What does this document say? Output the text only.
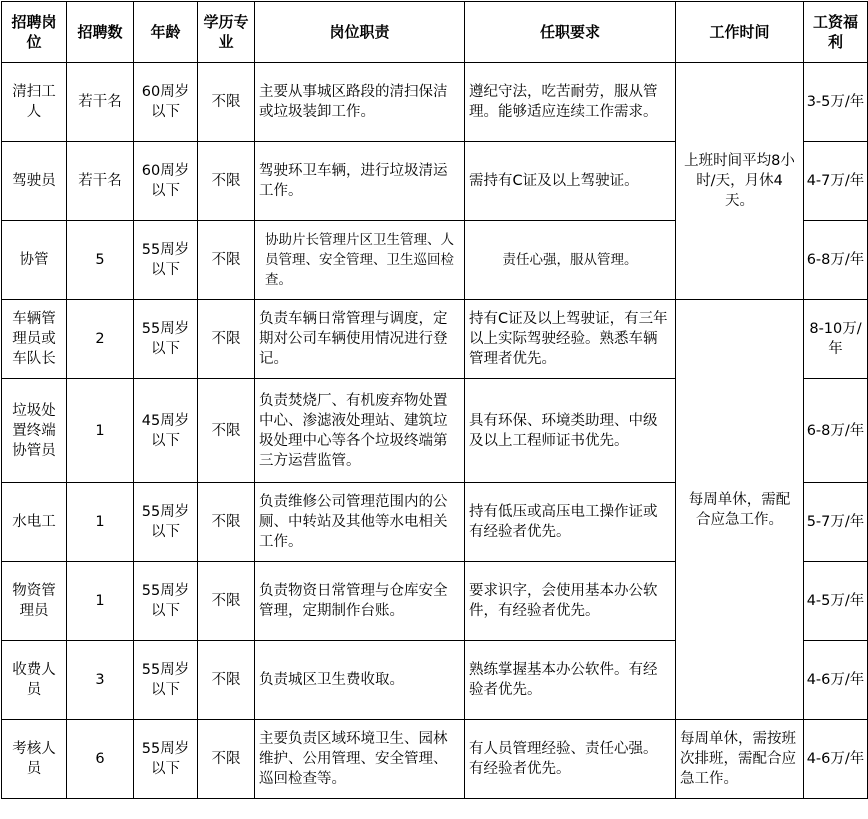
招聘岗位	招聘数	年龄	学历专业	岗位职责	任职要求	工作时间	工资福利
清扫工人	若干名	60周岁以下	不限	主要从事城区路段的清扫保洁或垃圾装卸工作。	遵纪守法，吃苦耐劳，服从管理。能够适应连续工作需求。	上班时间平均8小时/天，月休4天。	3-5万/年
驾驶员	若干名	60周岁以下	不限	驾驶环卫车辆，进行垃圾清运工作。	需持有C证及以上驾驶证。		4-7万/年
协管	5	55周岁以下	不限	协助片长管理片区卫生管理、人员管理、安全管理、卫生巡回检查。	责任心强，服从管理。		6-8万/年
车辆管理员或车队长	2	55周岁以下	不限	负责车辆日常管理与调度，定期对公司车辆使用情况进行登记。	持有C证及以上驾驶证，有三年以上实际驾驶经验。熟悉车辆管理者优先。	每周单休，需配合应急工作。	8-10万/年
垃圾处置终端协管员	1	45周岁以下	不限	负责焚烧厂、有机废弃物处置中心、渗滤液处理站、建筑垃圾处理中心等各个垃圾终端第三方运营监管。	具有环保、环境类助理、中级及以上工程师证书优先。		6-8万/年
水电工	1	55周岁以下	不限	负责维修公司管理范围内的公厕、中转站及其他等水电相关工作。	持有低压或高压电工操作证或有经验者优先。		5-7万/年
物资管理员	1	55周岁以下	不限	负责物资日常管理与仓库安全管理，定期制作台账。	要求识字，会使用基本办公软件，有经验者优先。		4-5万/年
收费人员	3	55周岁以下	不限	负责城区卫生费收取。	熟练掌握基本办公软件。有经验者优先。		4-6万/年
考核人员	6	55周岁以下	不限	主要负责区域环境卫生、园林维护、公用管理、安全管理、巡回检查等。	有人员管理经验、责任心强。有经验者优先。	每周单休，需按班次排班，需配合应急工作。	4-6万/年
